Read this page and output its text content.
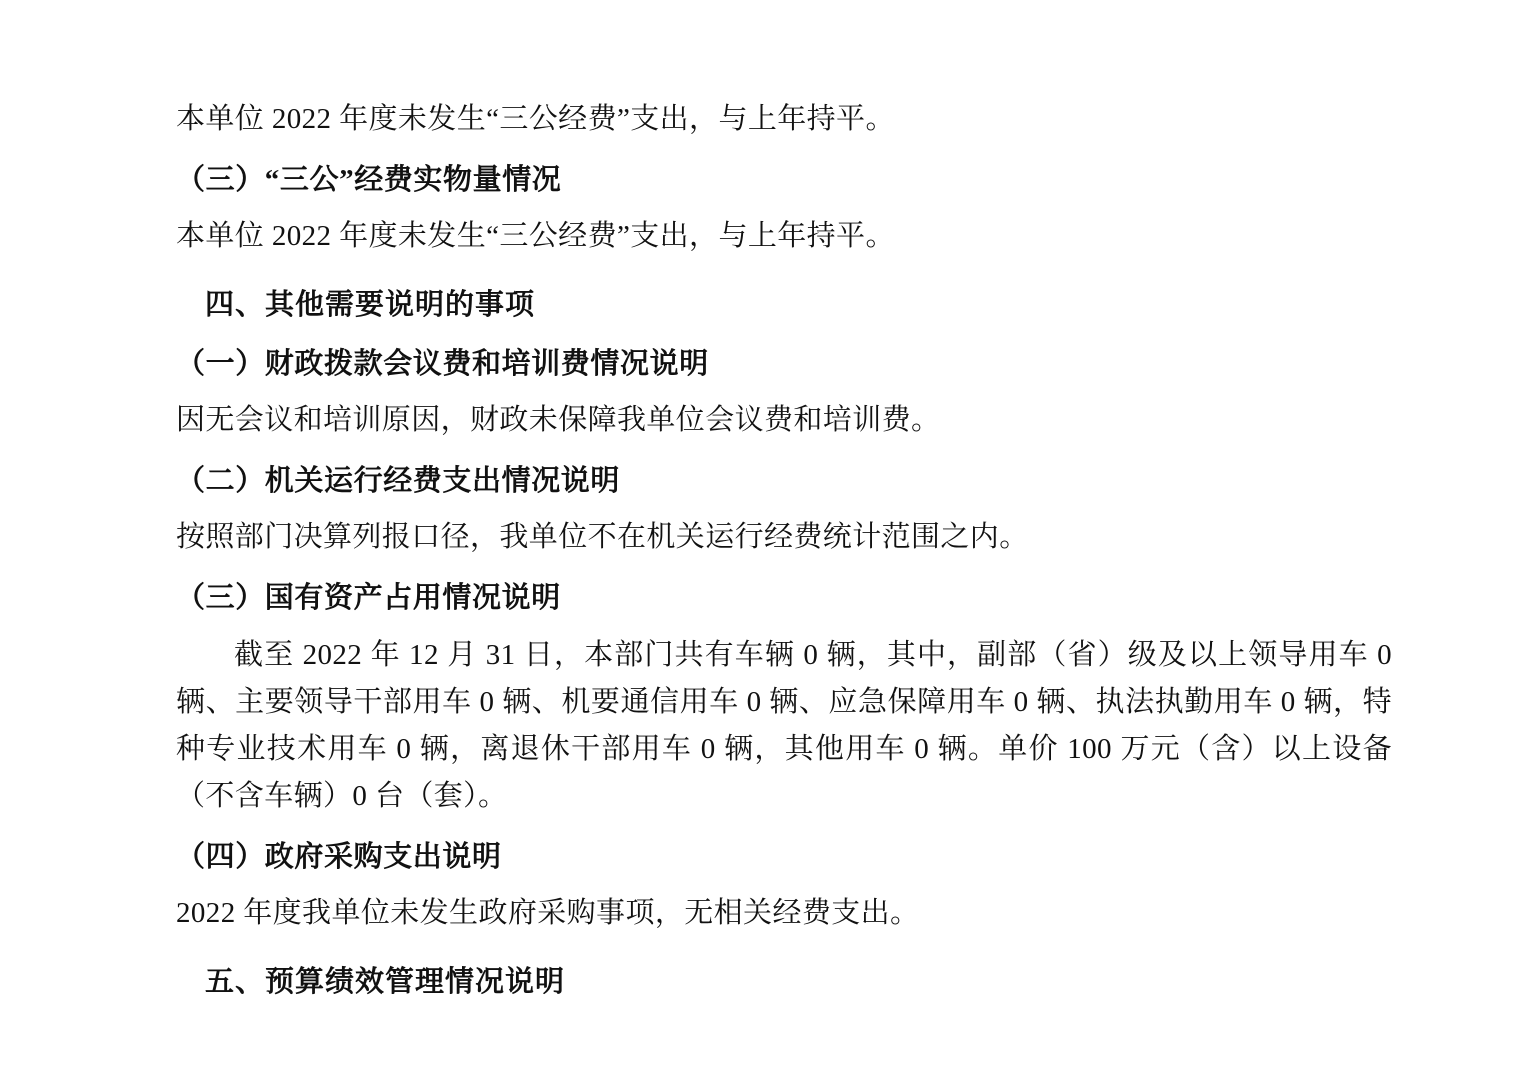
本单位 2022 年度未发生“三公经费”支出，与上年持平。

（三）“三公”经费实物量情况

本单位 2022 年度未发生“三公经费”支出，与上年持平。

四、其他需要说明的事项
（一）财政拨款会议费和培训费情况说明

因无会议和培训原因，财政未保障我单位会议费和培训费。

（二）机关运行经费支出情况说明

按照部门决算列报口径，我单位不在机关运行经费统计范围之内。

（三）国有资产占用情况说明

截至 2022 年 12 月 31 日，本部门共有车辆 0 辆，其中，副部（省）级及以上领导用车 0 辆、主要领导干部用车 0 辆、机要通信用车 0 辆、应急保障用车 0 辆、执法执勤用车 0 辆，特种专业技术用车 0 辆，离退休干部用车 0 辆，其他用车 0 辆。单价 100 万元（含）以上设备（不含车辆）0 台（套）。

（四）政府采购支出说明

2022 年度我单位未发生政府采购事项，无相关经费支出。

五、预算绩效管理情况说明
